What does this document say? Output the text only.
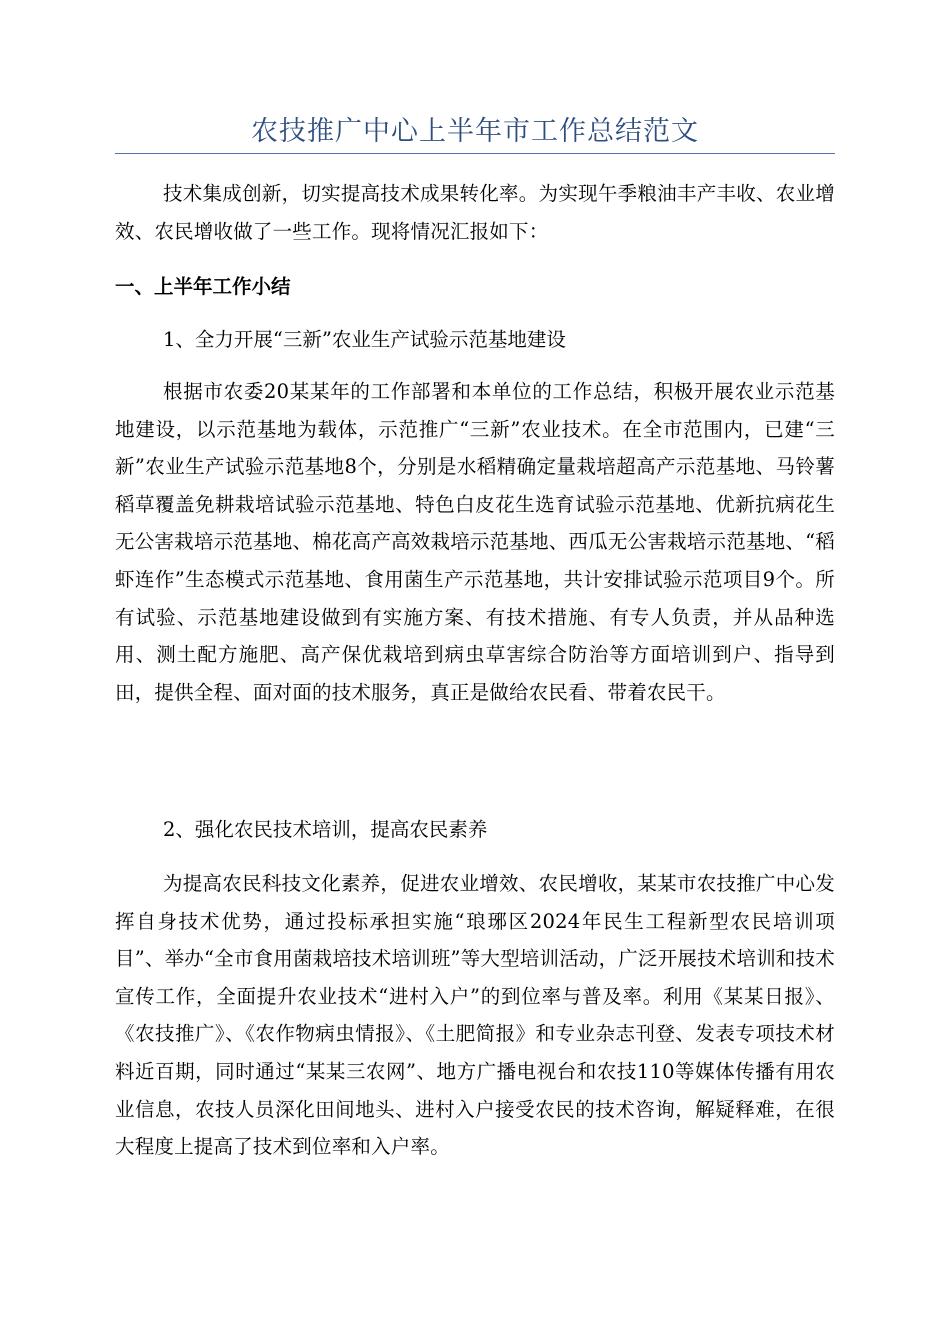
农技推广中心上半年市工作总结范文

技术集成创新，切实提高技术成果转化率。为实现午季粮油丰产丰收、农业增效、农民增收做了一些工作。现将情况汇报如下：

一、上半年工作小结

1、全力开展“三新”农业生产试验示范基地建设

根据市农委20某某年的工作部署和本单位的工作总结，积极开展农业示范基地建设，以示范基地为载体，示范推广“三新”农业技术。在全市范围内，已建“三新”农业生产试验示范基地8个，分别是水稻精确定量栽培超高产示范基地、马铃薯稻草覆盖免耕栽培试验示范基地、特色白皮花生选育试验示范基地、优新抗病花生无公害栽培示范基地、棉花高产高效栽培示范基地、西瓜无公害栽培示范基地、“稻虾连作”生态模式示范基地、食用菌生产示范基地，共计安排试验示范项目9个。所有试验、示范基地建设做到有实施方案、有技术措施、有专人负责，并从品种选用、测土配方施肥、高产保优栽培到病虫草害综合防治等方面培训到户、指导到田，提供全程、面对面的技术服务，真正是做给农民看、带着农民干。

2、强化农民技术培训，提高农民素养

为提高农民科技文化素养，促进农业增效、农民增收，某某市农技推广中心发挥自身技术优势，通过投标承担实施“琅琊区2024年民生工程新型农民培训项目”、举办“全市食用菌栽培技术培训班”等大型培训活动，广泛开展技术培训和技术宣传工作，全面提升农业技术“进村入户”的到位率与普及率。利用《某某日报》、《农技推广》、《农作物病虫情报》、《土肥简报》和专业杂志刊登、发表专项技术材料近百期，同时通过“某某三农网”、地方广播电视台和农技110等媒体传播有用农业信息，农技人员深化田间地头、进村入户接受农民的技术咨询，解疑释难，在很大程度上提高了技术到位率和入户率。
